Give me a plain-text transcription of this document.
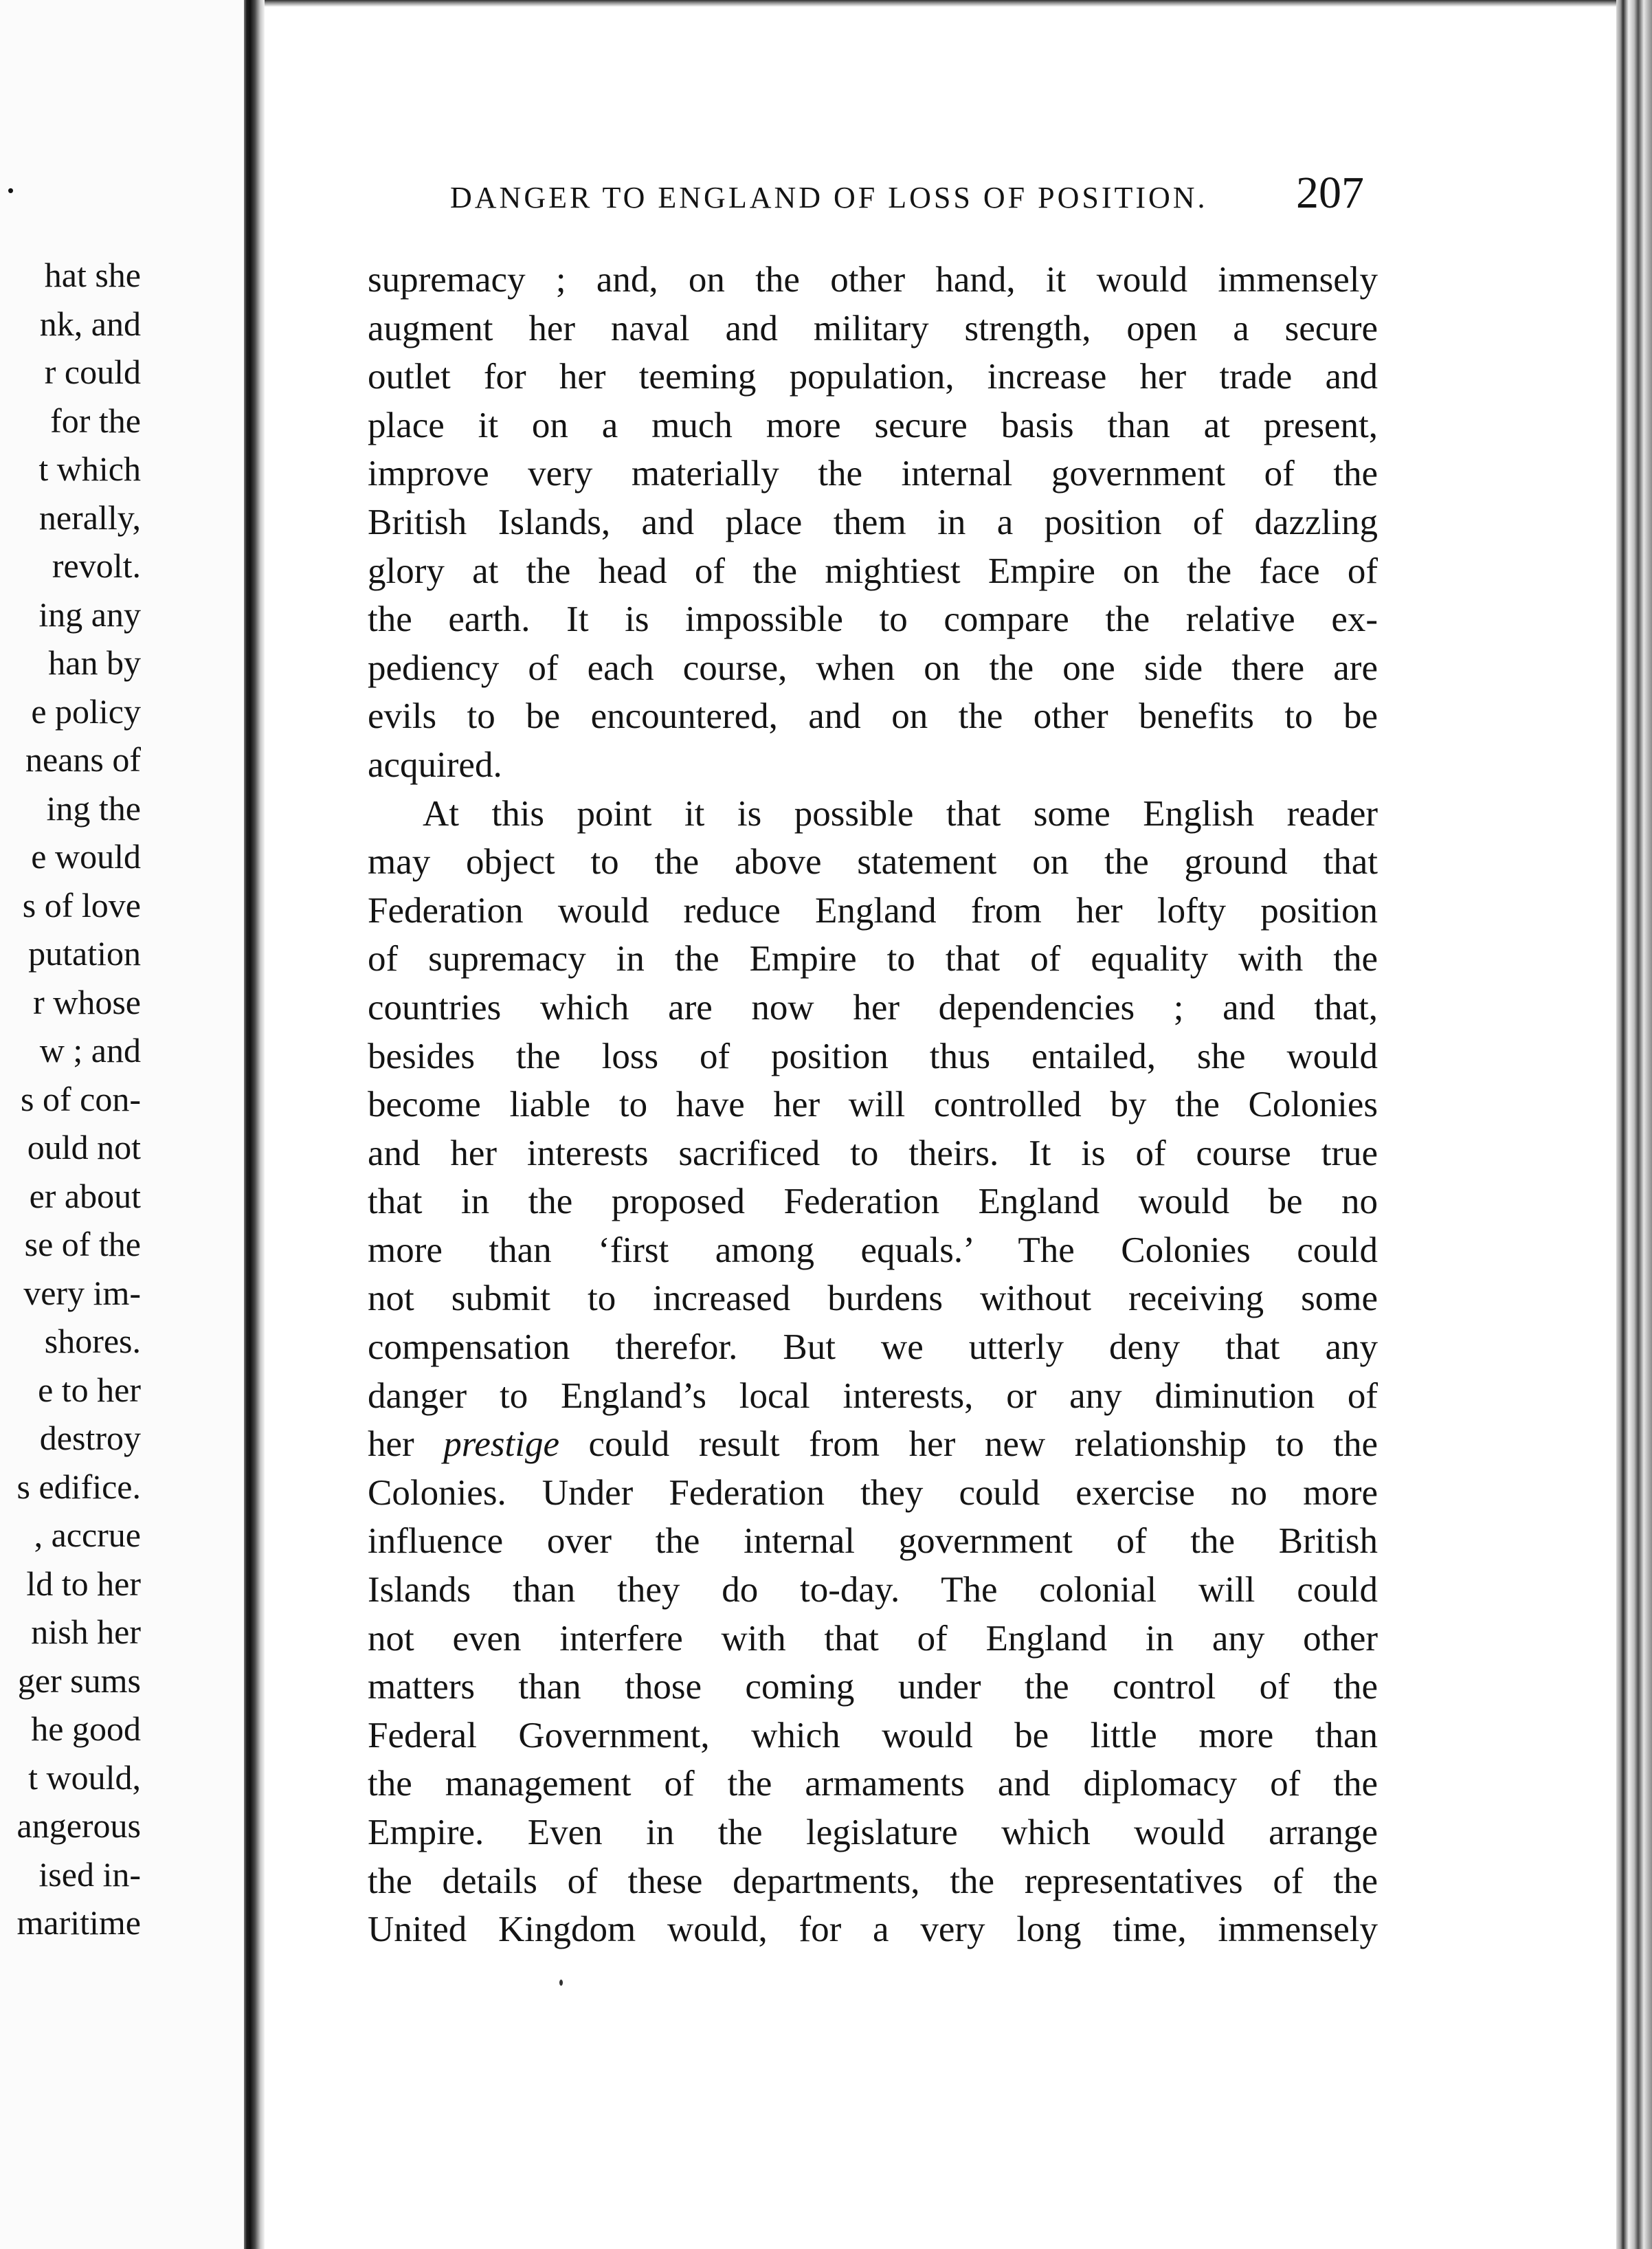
.
hat she
nk, and
r could
for the
t which
nerally,
revolt.
ing any
han by
e policy
neans of
ing the
e would
s of love
putation
r whose
w ; and
s of con-
ould not
er about
se of the
very im-
shores.
e to her
destroy
s edifice.
, accrue
ld to her
nish her
ger sums
he good
t would,
angerous
ised in-
maritime
DANGER TO ENGLAND OF LOSS OF POSITION. 207
supremacy ; and, on the other hand, it would immensely
augment her naval and military strength, open a secure
outlet for her teeming population, increase her trade and
place it on a much more secure basis than at present,
improve very materially the internal government of the
British Islands, and place them in a position of dazzling
glory at the head of the mightiest Empire on the face of
the earth. It is impossible to compare the relative ex-
pediency of each course, when on the one side there are
evils to be encountered, and on the other benefits to be
acquired.
At this point it is possible that some English reader
may object to the above statement on the ground that
Federation would reduce England from her lofty position
of supremacy in the Empire to that of equality with the
countries which are now her dependencies ; and that,
besides the loss of position thus entailed, she would
become liable to have her will controlled by the Colonies
and her interests sacrificed to theirs. It is of course true
that in the proposed Federation England would be no
more than ‘first among equals.’ The Colonies could
not submit to increased burdens without receiving some
compensation therefor. But we utterly deny that any
danger to England’s local interests, or any diminution of
her prestige could result from her new relationship to the
Colonies. Under Federation they could exercise no more
influence over the internal government of the British
Islands than they do to-day. The colonial will could
not even interfere with that of England in any other
matters than those coming under the control of the
Federal Government, which would be little more than
the management of the armaments and diplomacy of the
Empire. Even in the legislature which would arrange
the details of these departments, the representatives of the
United Kingdom would, for a very long time, immensely
